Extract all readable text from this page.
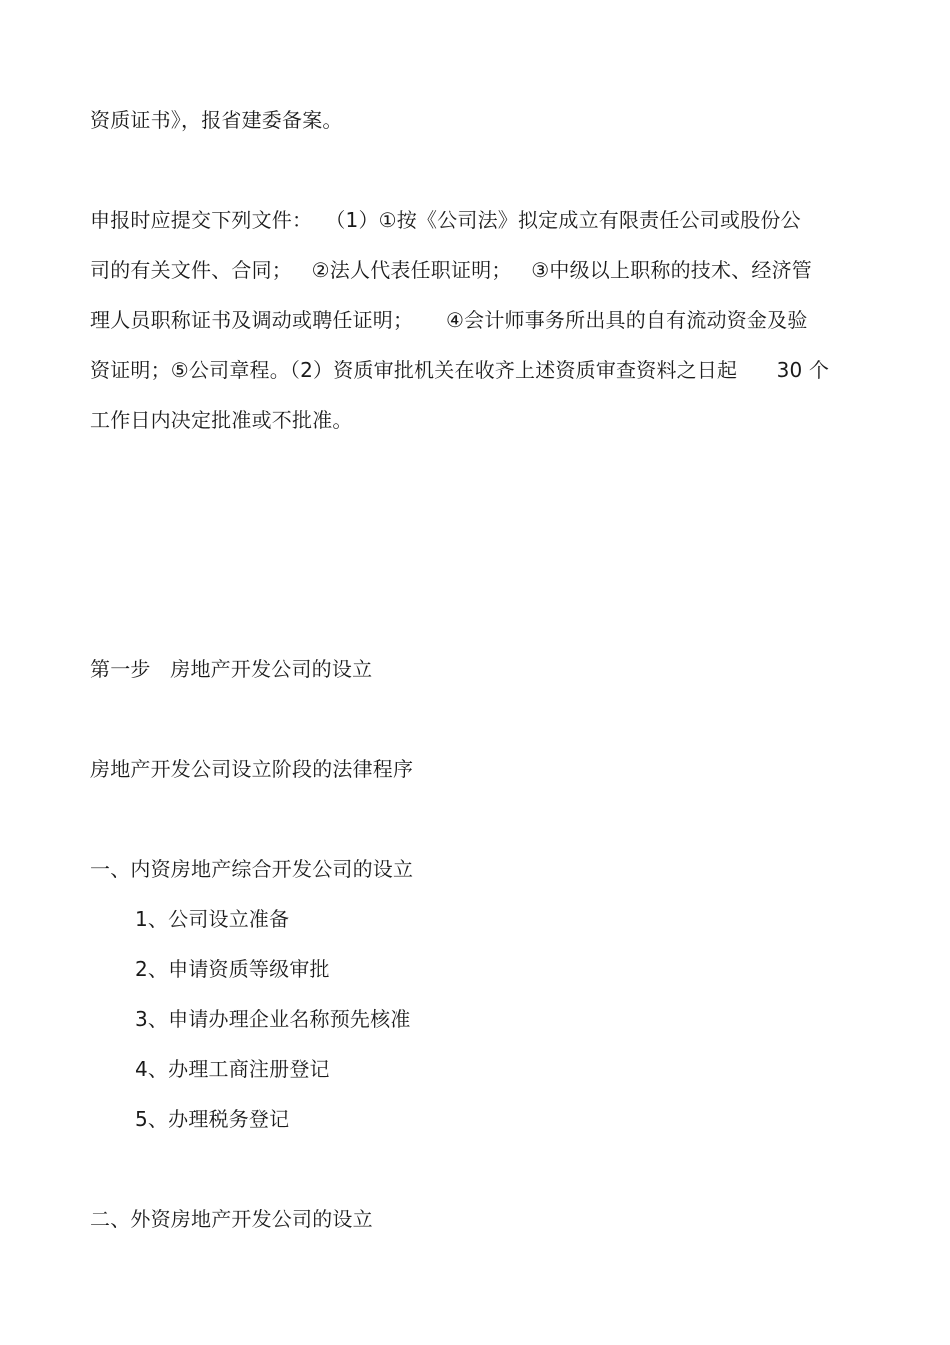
资质证书》，报省建委备案。
申报时应提交下列文件：  （1）①按《公司法》拟定成立有限责任公司或股份公
司的有关文件、合同；   ②法人代表任职证明；   ③中级以上职称的技术、经济管
理人员职称证书及调动或聘任证明；     ④会计师事务所出具的自有流动资金及验
资证明；⑤公司章程。（2）资质审批机关在收齐上述资质审查资料之日起      30 个
工作日内决定批准或不批准。
第一步   房地产开发公司的设立
房地产开发公司设立阶段的法律程序
一、内资房地产综合开发公司的设立
1、公司设立准备
2、申请资质等级审批
3、申请办理企业名称预先核准
4、办理工商注册登记
5、办理税务登记
二、外资房地产开发公司的设立
